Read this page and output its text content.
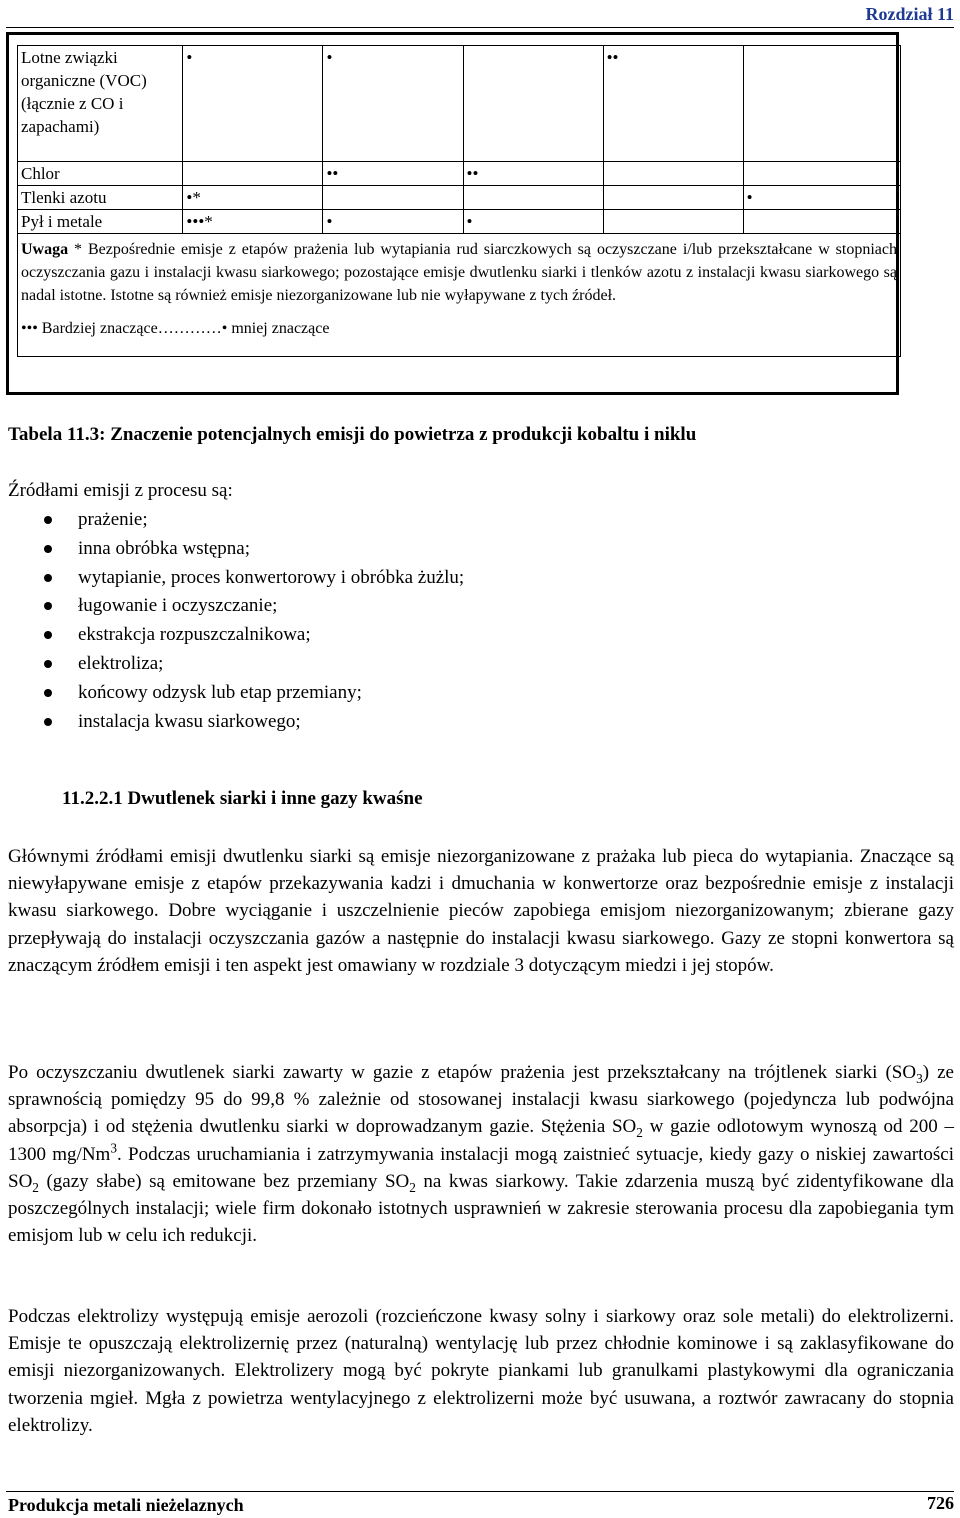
Rozdział 11
Lotne związki organiczne (VOC) (łącznie z CO i zapachami)	•	•		••	
Chlor		••	••		
Tlenki azotu	•*				•
Pył i metale	•••*	•	•		
Uwaga * Bezpośrednie emisje z etapów prażenia lub wytapiania rud siarczkowych są oczyszczane i/lub przekształcane w stopniach oczyszczania gazu i instalacji kwasu siarkowego; pozostające emisje dwutlenku siarki i tlenków azotu z instalacji kwasu siarkowego są nadal istotne. Istotne są również emisje niezorganizowane lub nie wyłapywane z tych źródeł.
••• Bardziej znaczące…………• mniej znaczące					
Tabela 11.3: Znaczenie potencjalnych emisji do powietrza z produkcji kobaltu i niklu
Źródłami emisji z procesu są:
prażenie;
inna obróbka wstępna;
wytapianie, proces konwertorowy i obróbka żużlu;
ługowanie i oczyszczanie;
ekstrakcja rozpuszczalnikowa;
elektroliza;
końcowy odzysk lub etap przemiany;
instalacja kwasu siarkowego;
11.2.2.1 Dwutlenek siarki i inne gazy kwaśne

Głównymi źródłami emisji dwutlenku siarki są emisje niezorganizowane z prażaka lub pieca do wytapiania. Znaczące są niewyłapywane emisje z etapów przekazywania kadzi i dmuchania w konwertorze oraz bezpośrednie emisje z instalacji kwasu siarkowego. Dobre wyciąganie i uszczelnienie pieców zapobiega emisjom niezorganizowanym; zbierane gazy przepływają do instalacji oczyszczania gazów a następnie do instalacji kwasu siarkowego. Gazy ze stopni konwertora są znaczącym źródłem emisji i ten aspekt jest omawiany w rozdziale 3 dotyczącym miedzi i jej stopów.

Po oczyszczaniu dwutlenek siarki zawarty w gazie z etapów prażenia jest przekształcany na trójtlenek siarki $(SO_3)$ ze sprawnością pomiędzy 95 do 99,8 % zależnie od stosowanej instalacji kwasu siarkowego (pojedyncza lub podwójna absorpcja) i od stężenia dwutlenku siarki w doprowadzanym gazie. Stężenia $SO_2$ w gazie odlotowym wynoszą od 200 – 1300 mg/Nm$^3$. Podczas uruchamiania i zatrzymywania instalacji mogą zaistnieć sytuacje, kiedy gazy o niskiej zawartości $SO_2$ (gazy słabe) są emitowane bez przemiany $SO_2$ na kwas siarkowy. Takie zdarzenia muszą być zidentyfikowane dla poszczególnych instalacji; wiele firm dokonało istotnych usprawnień w zakresie sterowania procesu dla zapobiegania tym emisjom lub w celu ich redukcji.

Podczas elektrolizy występują emisje aerozoli (rozcieńczone kwasy solny i siarkowy oraz sole metali) do elektrolizerni. Emisje te opuszczają elektrolizernię przez (naturalną) wentylację lub przez chłodnie kominowe i są zaklasyfikowane do emisji niezorganizowanych. Elektrolizery mogą być pokryte piankami lub granulkami plastykowymi dla ograniczania tworzenia mgieł. Mgła z powietrza wentylacyjnego z elektrolizerni może być usuwana, a roztwór zawracany do stopnia elektrolizy.

Produkcja metali nieżelaznych	726
